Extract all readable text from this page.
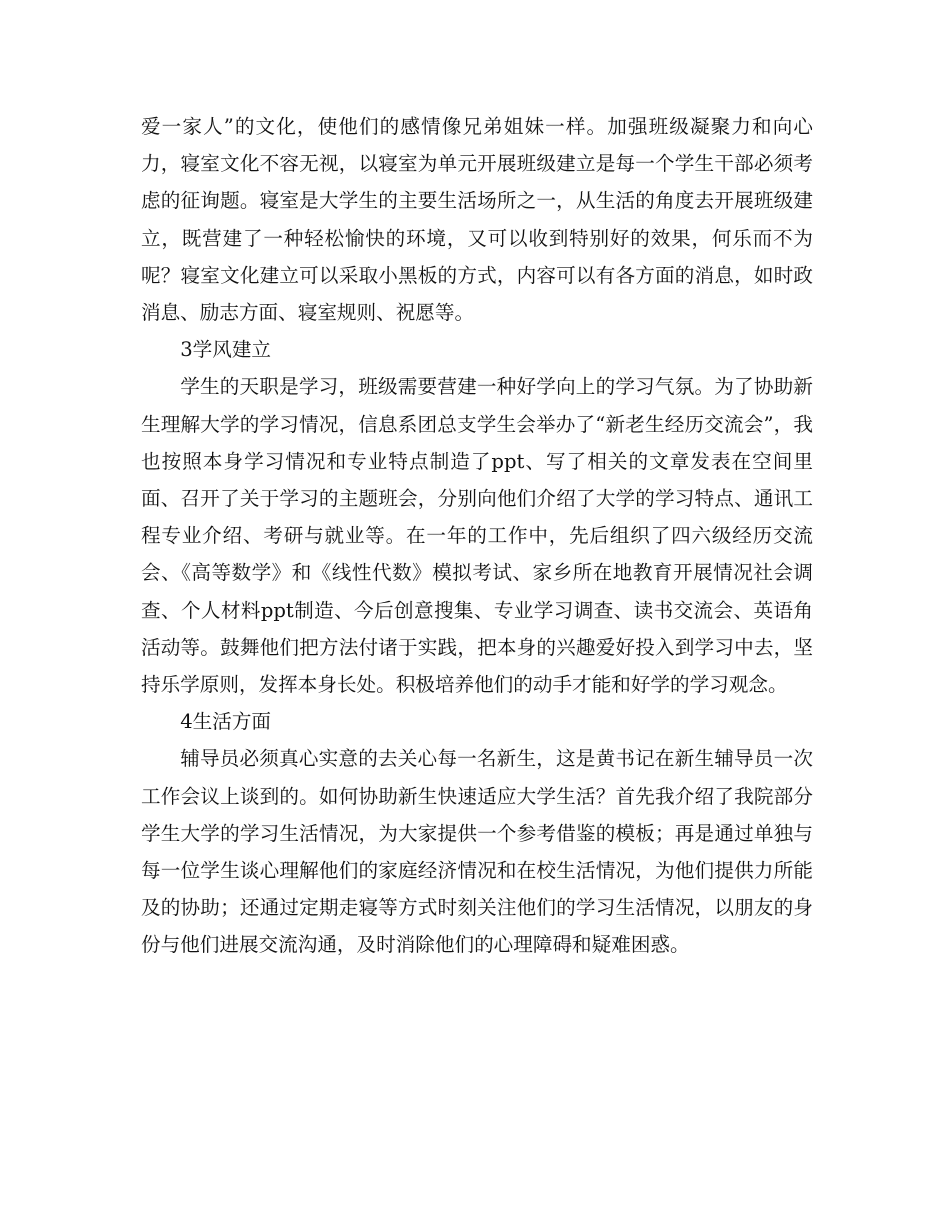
爱一家人”的文化，使他们的感情像兄弟姐妹一样。加强班级凝聚力和向心力，寝室文化不容无视，以寝室为单元开展班级建立是每一个学生干部必须考虑的征询题。寝室是大学生的主要生活场所之一，从生活的角度去开展班级建立，既营建了一种轻松愉快的环境，又可以收到特别好的效果，何乐而不为呢？寝室文化建立可以采取小黑板的方式，内容可以有各方面的消息，如时政消息、励志方面、寝室规则、祝愿等。

3学风建立

学生的天职是学习，班级需要营建一种好学向上的学习气氛。为了协助新生理解大学的学习情况，信息系团总支学生会举办了“新老生经历交流会”，我也按照本身学习情况和专业特点制造了ppt、写了相关的文章发表在空间里面、召开了关于学习的主题班会，分别向他们介绍了大学的学习特点、通讯工程专业介绍、考研与就业等。在一年的工作中，先后组织了四六级经历交流会、《高等数学》和《线性代数》模拟考试、家乡所在地教育开展情况社会调查、个人材料ppt制造、今后创意搜集、专业学习调查、读书交流会、英语角活动等。鼓舞他们把方法付诸于实践，把本身的兴趣爱好投入到学习中去，坚持乐学原则，发挥本身长处。积极培养他们的动手才能和好学的学习观念。

4生活方面

辅导员必须真心实意的去关心每一名新生，这是黄书记在新生辅导员一次工作会议上谈到的。如何协助新生快速适应大学生活？首先我介绍了我院部分学生大学的学习生活情况，为大家提供一个参考借鉴的模板；再是通过单独与每一位学生谈心理解他们的家庭经济情况和在校生活情况，为他们提供力所能及的协助；还通过定期走寝等方式时刻关注他们的学习生活情况，以朋友的身份与他们进展交流沟通，及时消除他们的心理障碍和疑难困惑。
